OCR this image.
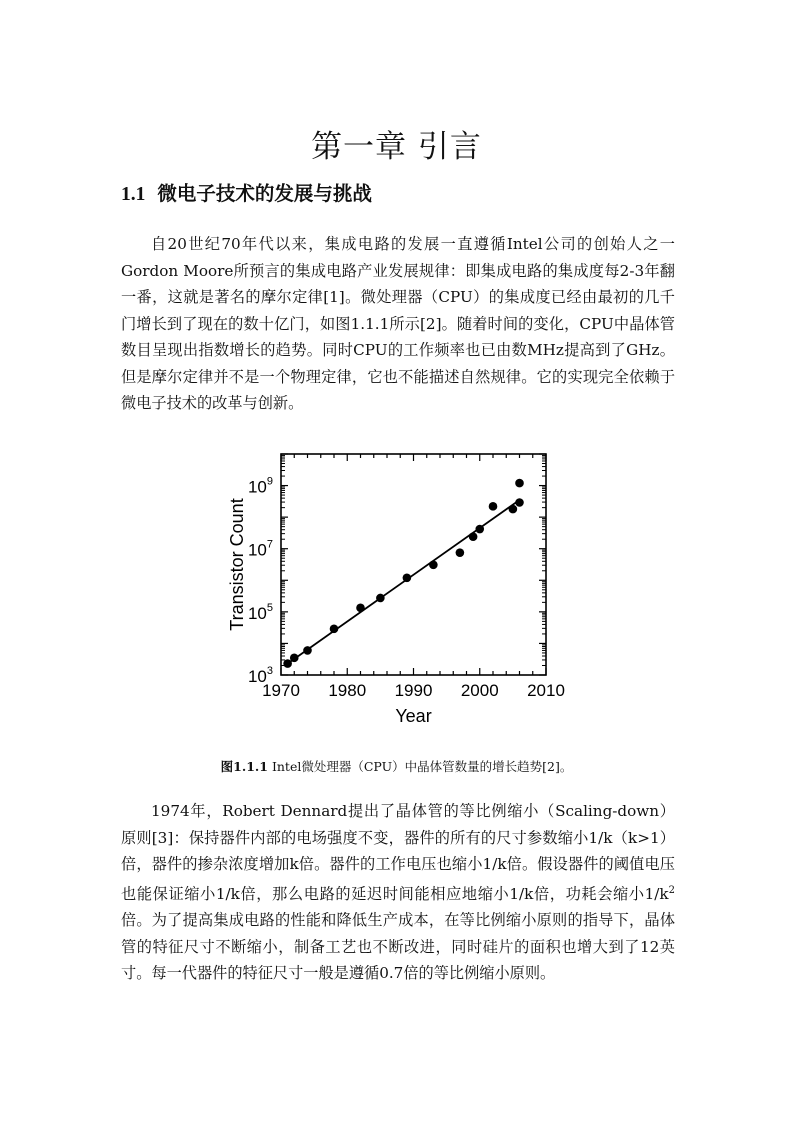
第一章 引言
1.1 微电子技术的发展与挑战

自20世纪70年代以来，集成电路的发展一直遵循Intel公司的创始人之一Gordon Moore所预言的集成电路产业发展规律：即集成电路的集成度每2-3年翻一番，这就是著名的摩尔定律[1]。微处理器（CPU）的集成度已经由最初的几千门增长到了现在的数十亿门，如图1.1.1所示[2]。随着时间的变化，CPU中晶体管数目呈现出指数增长的趋势。同时CPU的工作频率也已由数MHz提高到了GHz。但是摩尔定律并不是一个物理定律，它也不能描述自然规律。它的实现完全依赖于微电子技术的改革与创新。

1970 1980 1990 2000 2010
$10^3$
$10^5$
$10^7$
$10^9$
Year
Transistor Count
图1.1.1 Intel微处理器（CPU）中晶体管数量的增长趋势[2]。

1974年，Robert Dennard提出了晶体管的等比例缩小（Scaling-down）原则[3]：保持器件内部的电场强度不变，器件的所有的尺寸参数缩小1/k（k>1）倍，器件的掺杂浓度增加k倍。器件的工作电压也缩小1/k倍。假设器件的阈值电压也能保证缩小1/k倍，那么电路的延迟时间能相应地缩小1/k倍，功耗会缩小$1/k^2$倍。为了提高集成电路的性能和降低生产成本，在等比例缩小原则的指导下，晶体管的特征尺寸不断缩小，制备工艺也不断改进，同时硅片的面积也增大到了12英寸。每一代器件的特征尺寸一般是遵循0.7倍的等比例缩小原则。
